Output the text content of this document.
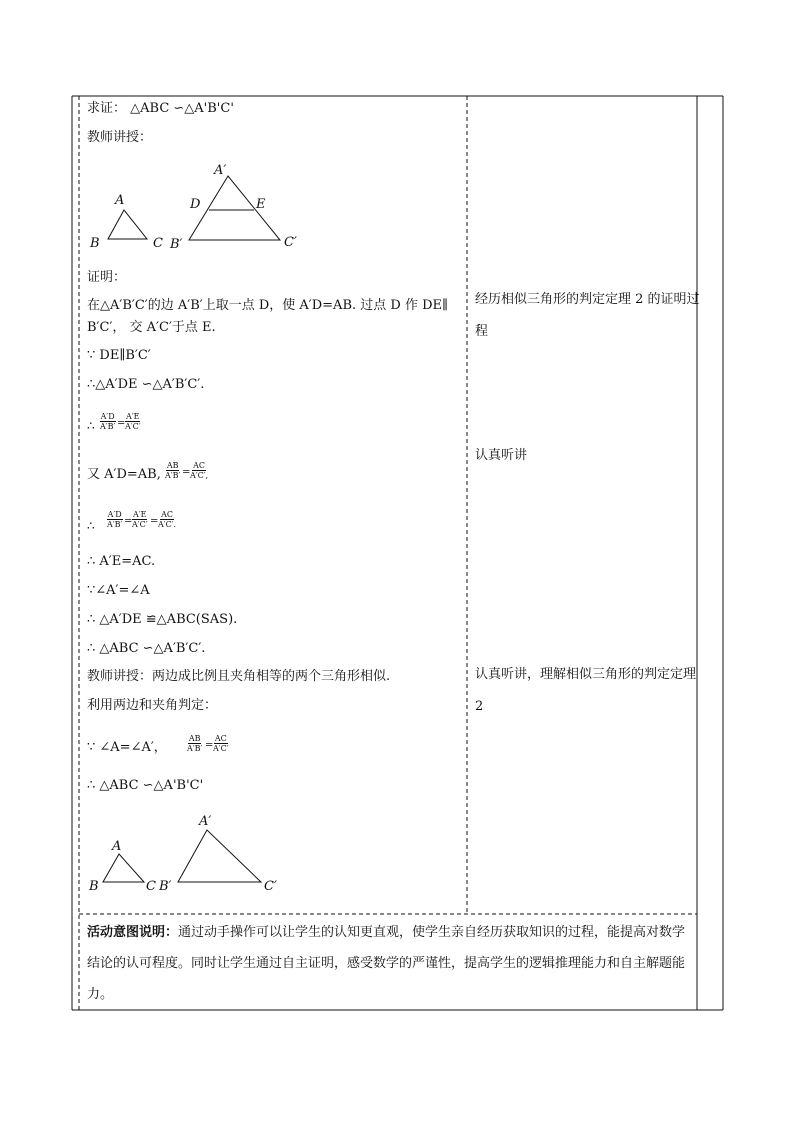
求证： △ABC ∽△A'B'C'
教师讲授：
A
B	C
A′
B′	C′
D	E
证明：
在△A′B′C′的边 A′B′上取一点 D，使 A′D=AB. 过点 D 作 DE∥
B′C′， 交 A′C′于点 E.
∵ DE∥B′C′
∴△A′DE ∽△A′B′C′.
∴ $\frac{A'D}{A'B'}$ =
$\frac{A'E}{A'C'}$
又 A′D=AB, $\frac{AB}{A'B'}$ =
$\frac{AC}{A'C',}$
∴ $\frac{A'D}{A'B'}$ =
$\frac{A'E}{A'C'}$ =
$\frac{AC}{A'C'.}$
∴ A′E=AC.
∵∠A′=∠A
∴ △A′DE ≌△ABC(SAS).
∴ △ABC ∽△A′B′C′.
教师讲授：两边成比例且夹角相等的两个三角形相似.
利用两边和夹角判定：
∵ ∠A=∠A′， $\frac{AB}{A'B'}$ =
$\frac{AC}{A'C'}$
∴ △ABC ∽△A'B'C'
A
B	C
A′
B′	C′
经历相似三角形的判定定理 2 的证明过程
认真听讲
认真听讲，理解相似三角形的判定定理 2
活动意图说明：通过动手操作可以让学生的认知更直观，使学生亲自经历获取知识的过程，能提高对数学结论的认可程度。同时让学生通过自主证明，感受数学的严谨性，提高学生的逻辑推理能力和自主解题能力。
